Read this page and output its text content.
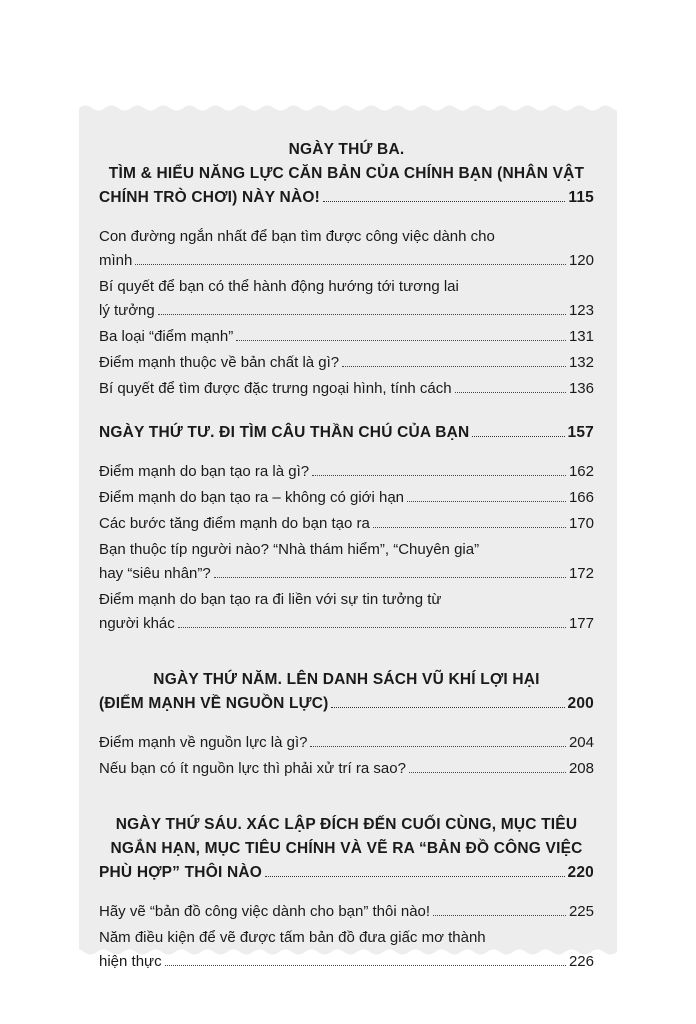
NGÀY THỨ BA.
TÌM & HIỂU NĂNG LỰC CĂN BẢN CỦA CHÍNH BẠN (NHÂN VẬT
CHÍNH TRÒ CHƠI) NÀY NÀO!	115
Con đường ngắn nhất để bạn tìm được công việc dành cho
mình	120
Bí quyết để bạn có thể hành động hướng tới tương lai
lý tưởng	123
Ba loại “điểm mạnh”	131
Điểm mạnh thuộc về bản chất là gì?	132
Bí quyết để tìm được đặc trưng ngoại hình, tính cách	136
NGÀY THỨ TƯ. ĐI TÌM CÂU THẦN CHÚ CỦA BẠN	157
Điểm mạnh do bạn tạo ra là gì?	162
Điểm mạnh do bạn tạo ra – không có giới hạn	166
Các bước tăng điểm mạnh do bạn tạo ra	170
Bạn thuộc típ người nào? “Nhà thám hiểm”, “Chuyên gia”
hay “siêu nhân”?	172
Điểm mạnh do bạn tạo ra đi liền với sự tin tưởng từ
người khác	177
NGÀY THỨ NĂM. LÊN DANH SÁCH VŨ KHÍ LỢI HẠI
(ĐIỂM MẠNH VỀ NGUỒN LỰC)	200
Điểm mạnh về nguồn lực là gì?	204
Nếu bạn có ít nguồn lực thì phải xử trí ra sao?	208
NGÀY THỨ SÁU. XÁC LẬP ĐÍCH ĐẾN CUỐI CÙNG, MỤC TIÊU
NGẮN HẠN, MỤC TIÊU CHÍNH VÀ VẼ RA “BẢN ĐỒ CÔNG VIỆC
PHÙ HỢP” THÔI NÀO	220
Hãy vẽ “bản đồ công việc dành cho bạn” thôi nào!	225
Năm điều kiện để vẽ được tấm bản đồ đưa giấc mơ thành
hiện thực	226
